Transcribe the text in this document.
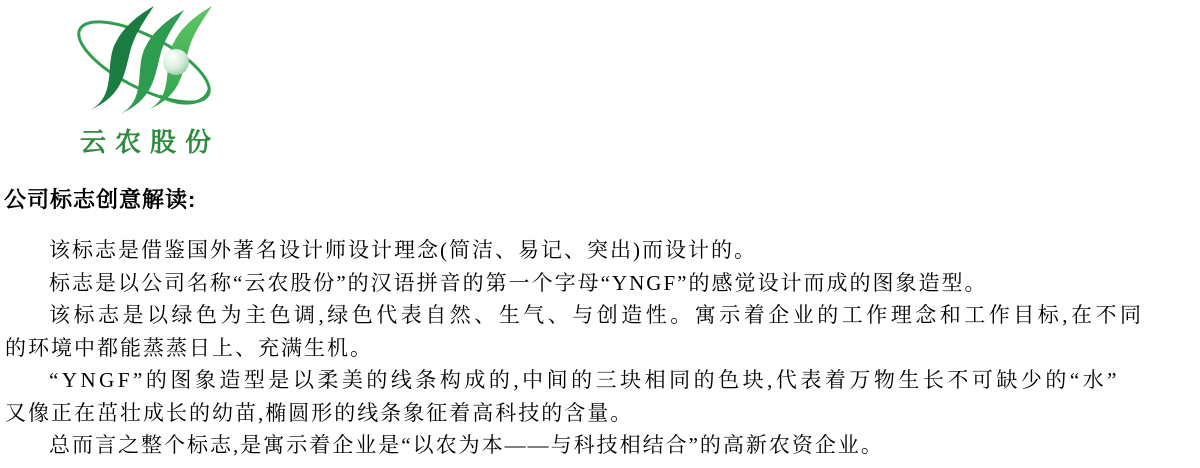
云农股份
公司标志创意解读:
该标志是借鉴国外著名设计师设计理念(简洁、易记、突出)而设计的。
标志是以公司名称“云农股份”的汉语拼音的第一个字母“YNGF”的感觉设计而成的图象造型。
该标志是以绿色为主色调,绿色代表自然、生气、与创造性。寓示着企业的工作理念和工作目标,在不同
的环境中都能蒸蒸日上、充满生机。
“YNGF”的图象造型是以柔美的线条构成的,中间的三块相同的色块,代表着万物生长不可缺少的“水”
又像正在茁壮成长的幼苗,椭圆形的线条象征着高科技的含量。
总而言之整个标志,是寓示着企业是“以农为本——与科技相结合”的高新农资企业。
